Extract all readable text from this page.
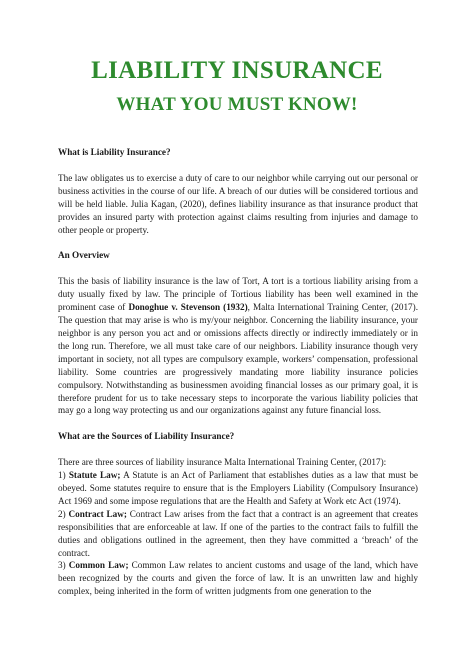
LIABILITY INSURANCE
WHAT YOU MUST KNOW!
What is Liability Insurance?
The law obligates us to exercise a duty of care to our neighbor while carrying out our personal or business activities in the course of our life. A breach of our duties will be considered tortious and will be held liable. Julia Kagan, (2020), defines liability insurance as that insurance product that provides an insured party with protection against claims resulting from injuries and damage to other people or property.
An Overview
This the basis of liability insurance is the law of Tort, A tort is a tortious liability arising from a duty usually fixed by law. The principle of Tortious liability has been well examined in the prominent case of Donoghue v. Stevenson (1932), Malta International Training Center, (2017). The question that may arise is who is my/your neighbor. Concerning the liability insurance, your neighbor is any person you act and or omissions affects directly or indirectly immediately or in the long run. Therefore, we all must take care of our neighbors. Liability insurance though very important in society, not all types are compulsory example, workers’ compensation, professional liability. Some countries are progressively mandating more liability insurance policies compulsory. Notwithstanding as businessmen avoiding financial losses as our primary goal, it is therefore prudent for us to take necessary steps to incorporate the various liability policies that may go a long way protecting us and our organizations against any future financial loss.
What are the Sources of Liability Insurance?
There are three sources of liability insurance Malta International Training Center, (2017):
1) Statute Law; A Statute is an Act of Parliament that establishes duties as a law that must be obeyed. Some statutes require to ensure that is the Employers Liability (Compulsory Insurance) Act 1969 and some impose regulations that are the Health and Safety at Work etc Act (1974).
2) Contract Law; Contract Law arises from the fact that a contract is an agreement that creates responsibilities that are enforceable at law. If one of the parties to the contract fails to fulfill the duties and obligations outlined in the agreement, then they have committed a ‘breach’ of the contract.
3) Common Law; Common Law relates to ancient customs and usage of the land, which have been recognized by the courts and given the force of law. It is an unwritten law and highly complex, being inherited in the form of written judgments from one generation to the
